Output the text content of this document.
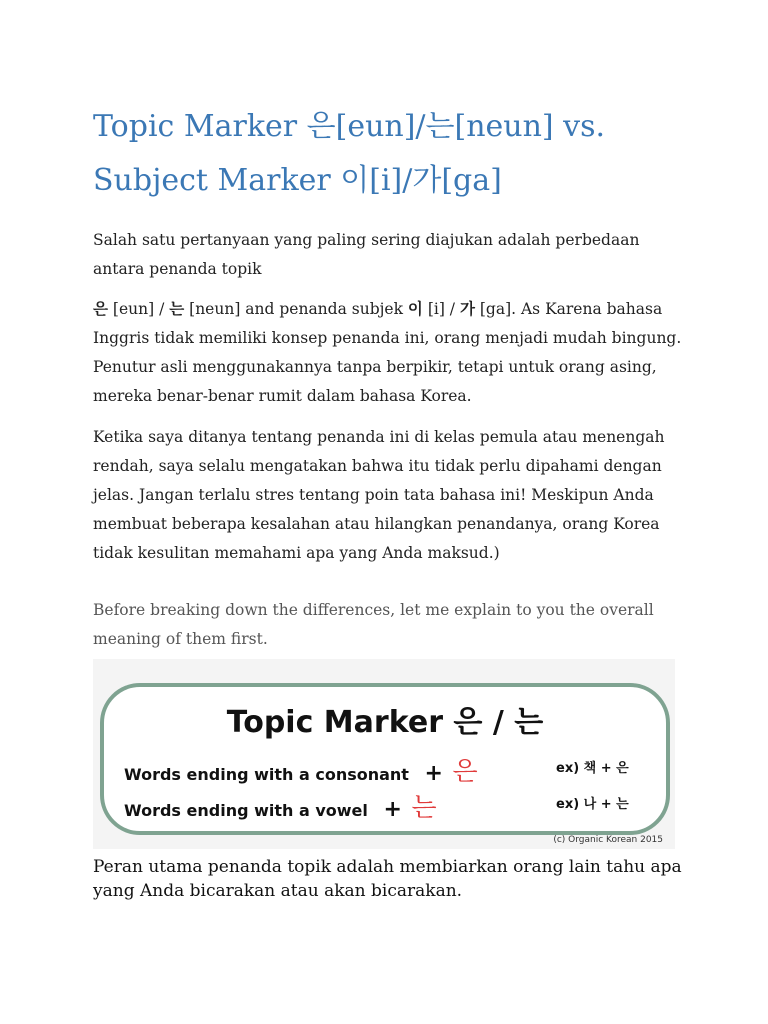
Topic Marker 은[eun]/는[neun] vs.
Subject Marker 이[i]/가[ga]

Salah satu pertanyaan yang paling sering diajukan adalah perbedaan antara penanda topik

은 [eun] / 는 [neun] and penanda subjek 이 [i] / 가 [ga]. As Karena bahasa Inggris tidak memiliki konsep penanda ini, orang menjadi mudah bingung. Penutur asli menggunakannya tanpa berpikir, tetapi untuk orang asing, mereka benar-benar rumit dalam bahasa Korea.

Ketika saya ditanya tentang penanda ini di kelas pemula atau menengah rendah, saya selalu mengatakan bahwa itu tidak perlu dipahami dengan jelas. Jangan terlalu stres tentang poin tata bahasa ini! Meskipun Anda membuat beberapa kesalahan atau hilangkan penandanya, orang Korea tidak kesulitan memahami apa yang Anda maksud.)

Before breaking down the differences, let me explain to you the overall meaning of them first.

Topic Marker 은 / 는
Words ending with a consonant + 은	ex) 책 + 은
Words ending with a vowel + 는	ex) 나 + 는
(c) Organic Korean 2015

Peran utama penanda topik adalah membiarkan orang lain tahu apa yang Anda bicarakan atau akan bicarakan.
